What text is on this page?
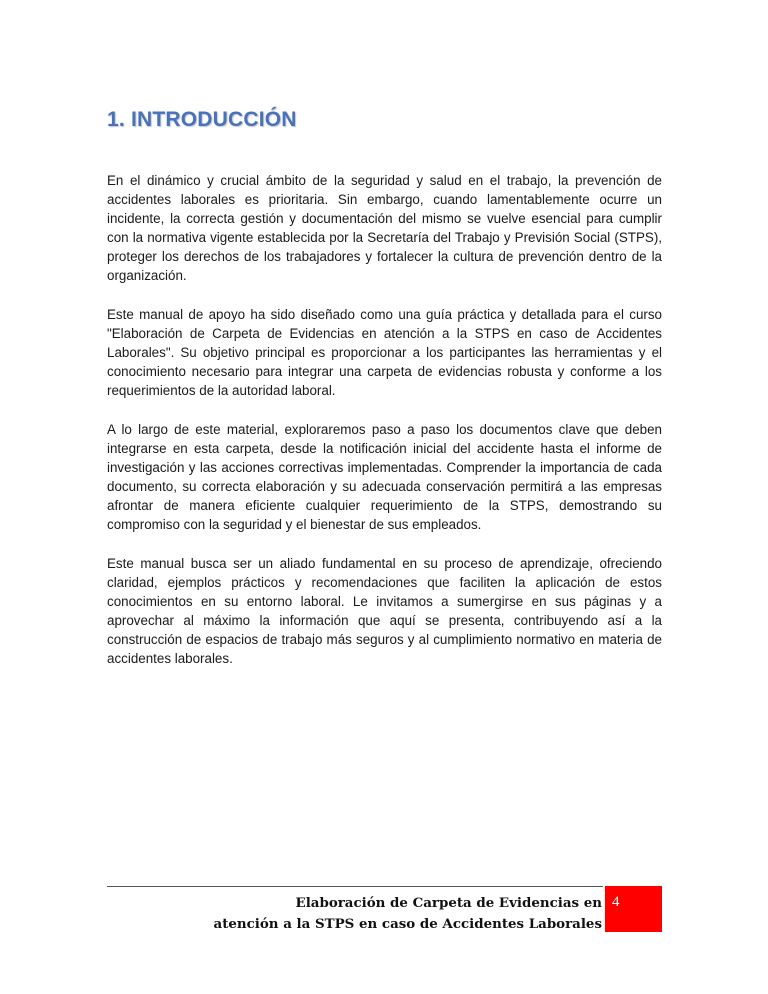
1. INTRODUCCIÓN

En el dinámico y crucial ámbito de la seguridad y salud en el trabajo, la prevención de accidentes laborales es prioritaria. Sin embargo, cuando lamentablemente ocurre un incidente, la correcta gestión y documentación del mismo se vuelve esencial para cumplir con la normativa vigente establecida por la Secretaría del Trabajo y Previsión Social (STPS), proteger los derechos de los trabajadores y fortalecer la cultura de prevención dentro de la organización.

Este manual de apoyo ha sido diseñado como una guía práctica y detallada para el curso "Elaboración de Carpeta de Evidencias en atención a la STPS en caso de Accidentes Laborales". Su objetivo principal es proporcionar a los participantes las herramientas y el conocimiento necesario para integrar una carpeta de evidencias robusta y conforme a los requerimientos de la autoridad laboral.

A lo largo de este material, exploraremos paso a paso los documentos clave que deben integrarse en esta carpeta, desde la notificación inicial del accidente hasta el informe de investigación y las acciones correctivas implementadas. Comprender la importancia de cada documento, su correcta elaboración y su adecuada conservación permitirá a las empresas afrontar de manera eficiente cualquier requerimiento de la STPS, demostrando su compromiso con la seguridad y el bienestar de sus empleados.

Este manual busca ser un aliado fundamental en su proceso de aprendizaje, ofreciendo claridad, ejemplos prácticos y recomendaciones que faciliten la aplicación de estos conocimientos en su entorno laboral. Le invitamos a sumergirse en sus páginas y a aprovechar al máximo la información que aquí se presenta, contribuyendo así a la construcción de espacios de trabajo más seguros y al cumplimiento normativo en materia de accidentes laborales.

Elaboración de Carpeta de Evidencias en
atención a la STPS en caso de Accidentes Laborales
4
